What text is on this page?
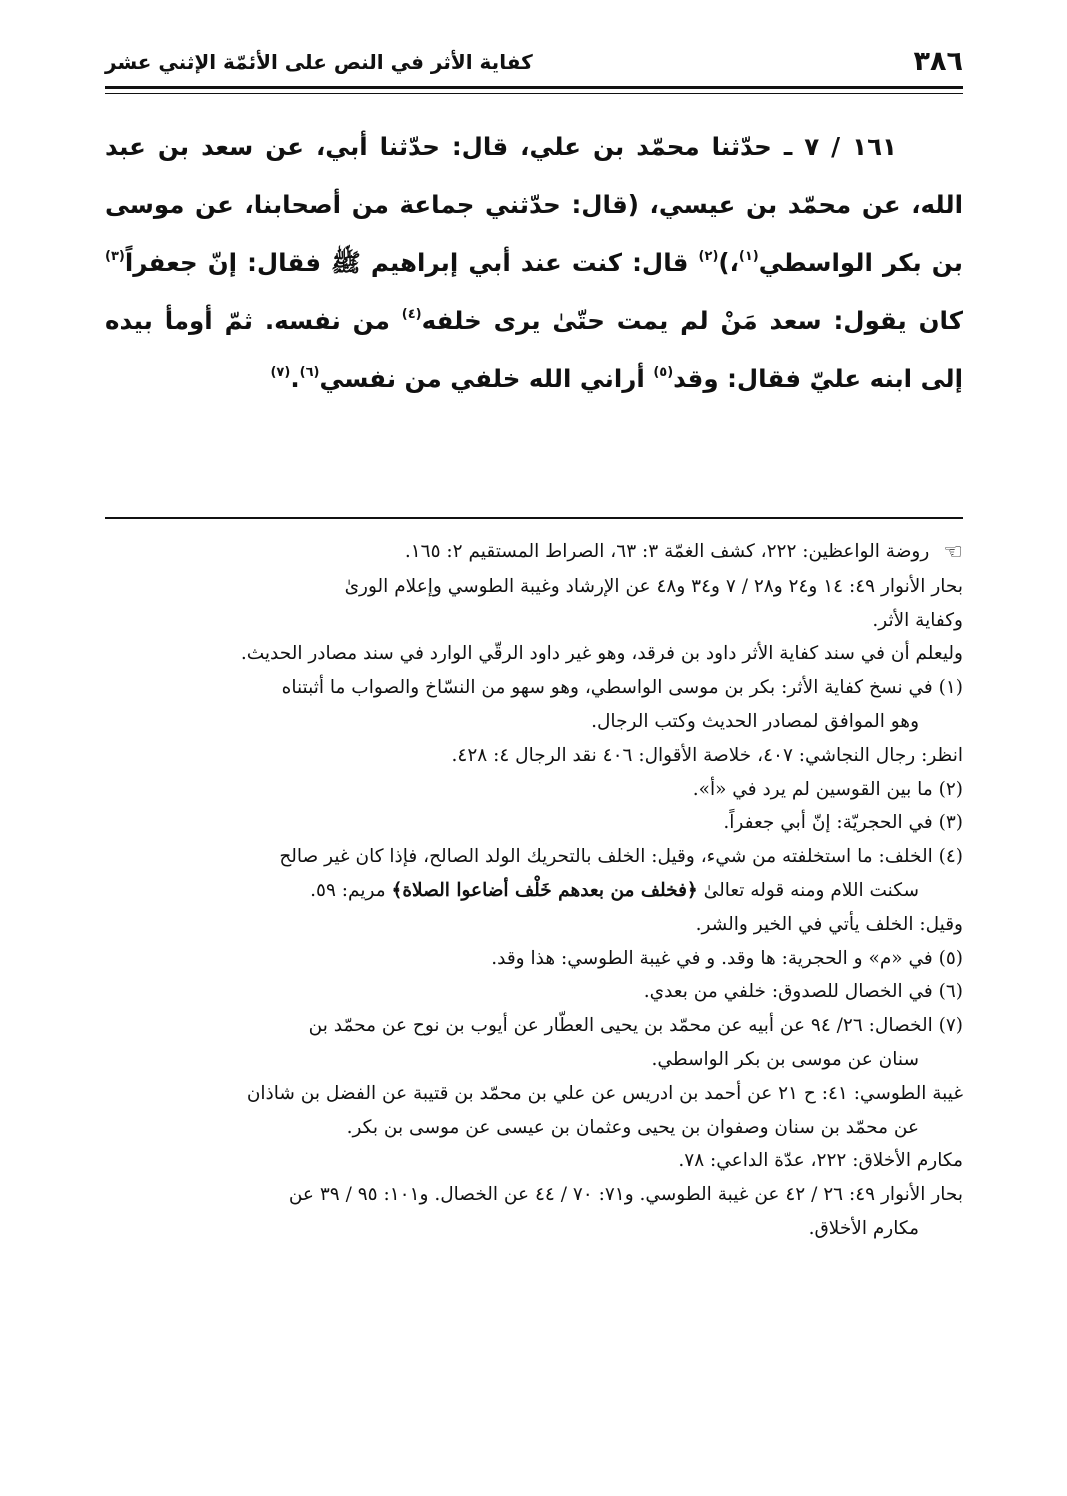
٣٨٦
كفاية الأثر في النص على الأئمّة الإثني عشر

١٦١ / ٧ ـ حدّثنا محمّد بن علي، قال: حدّثنا أبي، عن سعد بن عبد الله، عن محمّد بن عيسي، (قال: حدّثني جماعة من أصحابنا، عن موسى بن بكر الواسطي$^{(١)}$،)$^{(٢)}$ قال: كنت عند أبي إبراهيم ﷺ فقال: إنّ جعفراً$^{(٣)}$ كان يقول: سعد مَنْ لم يمت حتّىٰ يرى خلفه$^{(٤)}$ من نفسه. ثمّ أومأ بيده إلى ابنه عليّ فقال: وقد$^{(٥)}$ أراني الله خلفي من نفسي$^{(٦)}$.$^{(٧)}$

☜روضة الواعظين: ٢٢٢، كشف الغمّة ٣: ٦٣، الصراط المستقيم ٢: ١٦٥.
بحار الأنوار ٤٩: ١٤ و٢٤ و٢٨ / ٧ و٣٤ و٤٨ عن الإرشاد وغيبة الطوسي وإعلام الورىٰ
وكفاية الأثر.
وليعلم أن في سند كفاية الأثر داود بن فرقد، وهو غير داود الرقّي الوارد في سند مصادر الحديث.
(١) في نسخ كفاية الأثر: بكر بن موسى الواسطي، وهو سهو من النسّاخ والصواب ما أثبتناه
وهو الموافق لمصادر الحديث وكتب الرجال.
انظر: رجال النجاشي: ٤٠٧، خلاصة الأقوال: ٤٠٦ نقد الرجال ٤: ٤٢٨.
(٢) ما بين القوسين لم يرد في «أ».
(٣) في الحجريّة: إنّ أبي جعفراً.
(٤) الخلف: ما استخلفته من شيء، وقيل: الخلف بالتحريك الولد الصالح، فإذا كان غير صالح
سكنت اللام ومنه قوله تعالىٰ ﴿فخلف من بعدهم خَلْف أضاعوا الصلاة﴾ مريم: ٥٩.
وقيل: الخلف يأتي في الخير والشر.
(٥) في «م» و الحجرية: ها وقد. و في غيبة الطوسي: هذا وقد.
(٦) في الخصال للصدوق: خلفي من بعدي.
(٧) الخصال: ٢٦/ ٩٤ عن أبيه عن محمّد بن يحيى العطّار عن أيوب بن نوح عن محمّد بن
سنان عن موسى بن بكر الواسطي.
غيبة الطوسي: ٤١: ح ٢١ عن أحمد بن ادريس عن علي بن محمّد بن قتيبة عن الفضل بن شاذان
عن محمّد بن سنان وصفوان بن يحيى وعثمان بن عيسى عن موسى بن بكر.
مكارم الأخلاق: ٢٢٢، عدّة الداعي: ٧٨.
بحار الأنوار ٤٩: ٢٦ / ٤٢ عن غيبة الطوسي. و٧١: ٧٠ / ٤٤ عن الخصال. و١٠١: ٩٥ / ٣٩ عن
مكارم الأخلاق.
